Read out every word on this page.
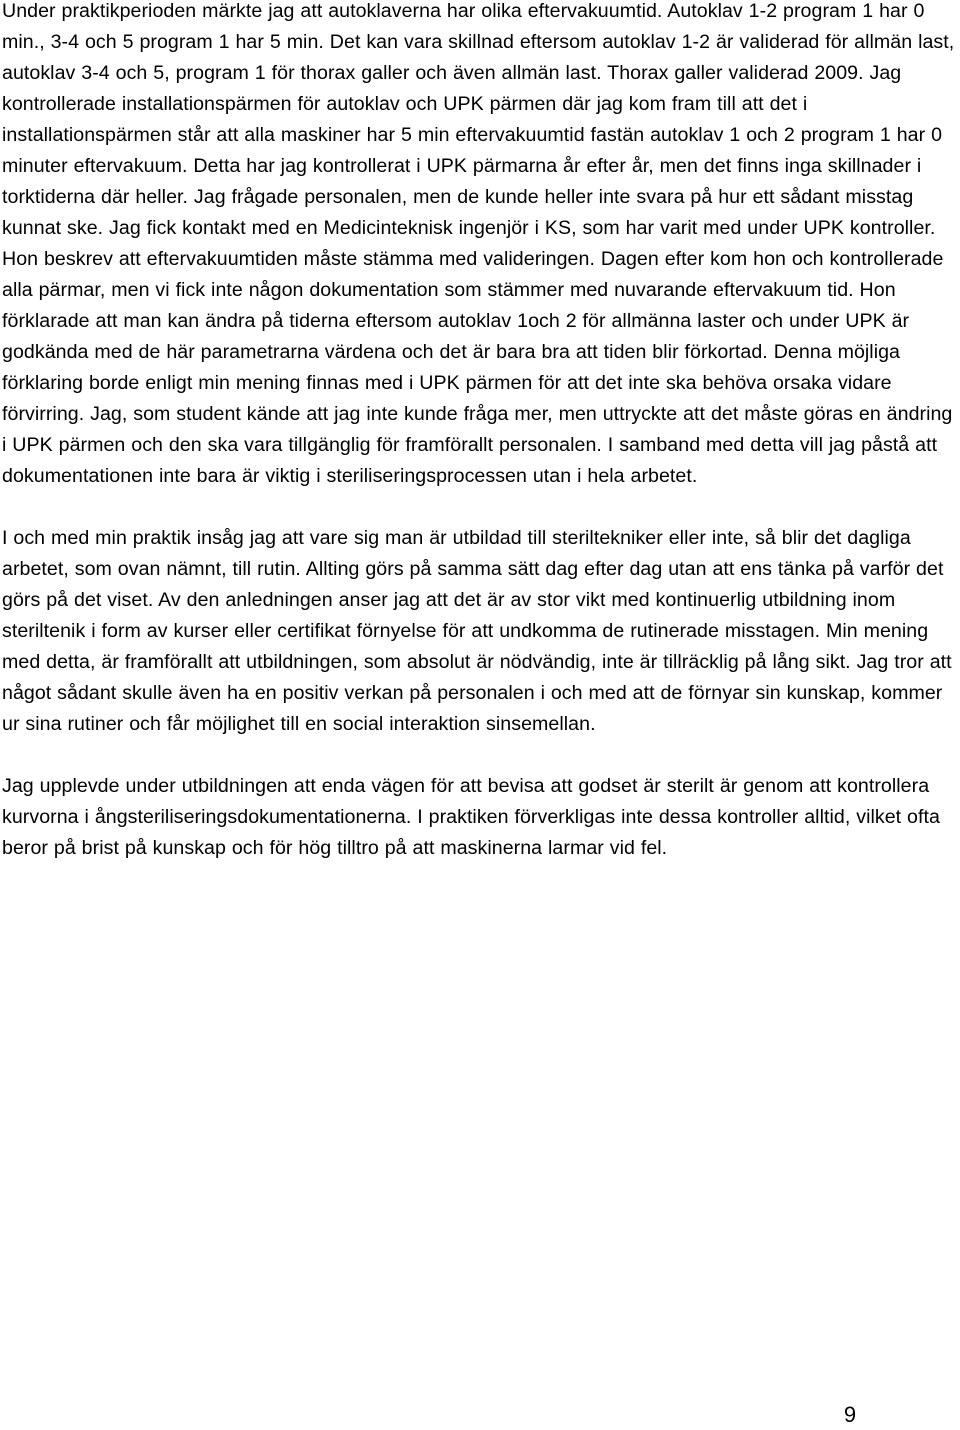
Under praktikperioden märkte jag att autoklaverna har olika eftervakuumtid. Autoklav 1-2 program 1 har 0 min., 3-4 och 5 program 1 har 5 min. Det kan vara skillnad eftersom autoklav 1-2 är validerad för allmän last, autoklav 3-4 och 5, program 1 för thorax galler och även allmän last. Thorax galler validerad 2009. Jag kontrollerade installationspärmen för autoklav och UPK pärmen där jag kom fram till att det i installationspärmen står att alla maskiner har 5 min eftervakuumtid fastän autoklav 1 och 2 program 1 har 0 minuter eftervakuum. Detta har jag kontrollerat i UPK pärmarna år efter år, men det finns inga skillnader i torktiderna där heller. Jag frågade personalen, men de kunde heller inte svara på hur ett sådant misstag kunnat ske. Jag fick kontakt med en Medicinteknisk ingenjör i KS, som har varit med under UPK kontroller. Hon beskrev att eftervakuumtiden måste stämma med valideringen. Dagen efter kom hon och kontrollerade alla pärmar, men vi fick inte någon dokumentation som stämmer med nuvarande eftervakuum tid. Hon förklarade att man kan ändra på tiderna eftersom autoklav 1och 2 för allmänna laster och under UPK är godkända med de här parametrarna värdena och det är bara bra att tiden blir förkortad. Denna möjliga förklaring borde enligt min mening finnas med i UPK pärmen för att det inte ska behöva orsaka vidare förvirring. Jag, som student kände att jag inte kunde fråga mer, men uttryckte att det måste göras en ändring i UPK pärmen och den ska vara tillgänglig för framförallt personalen. I samband med detta vill jag påstå att dokumentationen inte bara är viktig i steriliseringsprocessen utan i hela arbetet.

I och med min praktik insåg jag att vare sig man är utbildad till steriltekniker eller inte, så blir det dagliga arbetet, som ovan nämnt, till rutin. Allting görs på samma sätt dag efter dag utan att ens tänka på varför det görs på det viset. Av den anledningen anser jag att det är av stor vikt med kontinuerlig utbildning inom steriltenik i form av kurser eller certifikat förnyelse för att undkomma de rutinerade misstagen. Min mening med detta, är framförallt att utbildningen, som absolut är nödvändig, inte är tillräcklig på lång sikt. Jag tror att något sådant skulle även ha en positiv verkan på personalen i och med att de förnyar sin kunskap, kommer ur sina rutiner och får möjlighet till en social interaktion sinsemellan.

Jag upplevde under utbildningen att enda vägen för att bevisa att godset är sterilt är genom att kontrollera kurvorna i ångsteriliseringsdokumentationerna. I praktiken förverkligas inte dessa kontroller alltid, vilket ofta beror på brist på kunskap och för hög tilltro på att maskinerna larmar vid fel.

9
